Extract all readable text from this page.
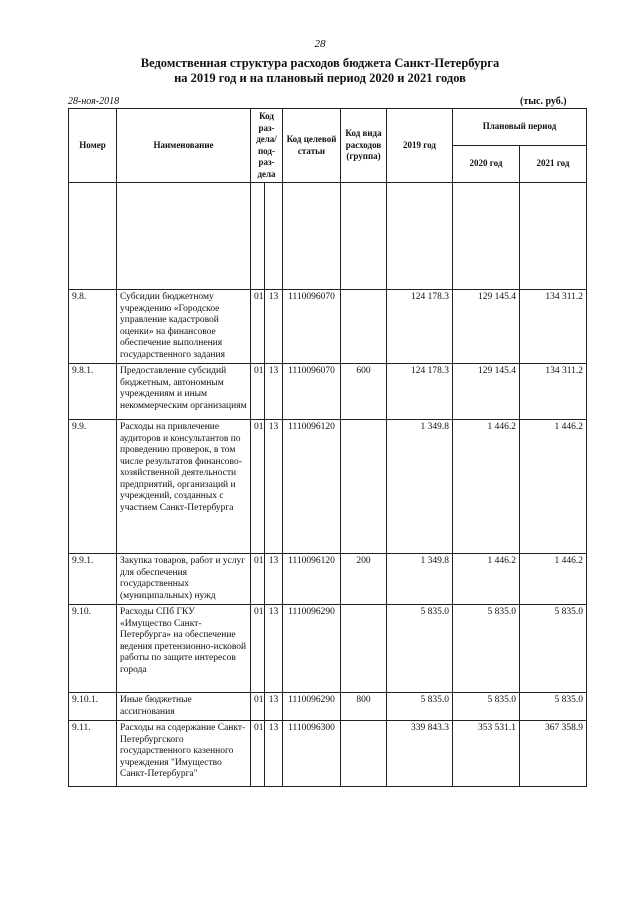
28
Ведомственная структура расходов бюджета Санкт-Петербурга
на 2019 год и на плановый период 2020 и 2021 годов
28-ноя-2018	(тыс. руб.)
Номер	Наименование	Код раз- дела/ под- раз- дела		Код целевой статьи	Код вида расходов (группа)	2019 год	Плановый период	
							2020 год	2021 год

9.8.	Субсидии бюджетному учреждению «Городское управление кадастровой оценки» на финансовое обеспечение выполнения государственного задания	01	13	1110096070		124 178.3	129 145.4	134 311.2
9.8.1.	Предоставление субсидий бюджетным, автономным учреждениям и иным некоммерческим организациям	01	13	1110096070	600	124 178.3	129 145.4	134 311.2
9.9.	Расходы на привлечение аудиторов и консультантов по проведению проверок, в том числе результатов финансово-хозяйственной деятельности предприятий, организаций и учреждений, созданных с участием Санкт-Петербурга	01	13	1110096120		1 349.8	1 446.2	1 446.2
9.9.1.	Закупка товаров, работ и услуг для обеспечения государственных (муниципальных) нужд	01	13	1110096120	200	1 349.8	1 446.2	1 446.2
9.10.	Расходы СПб ГКУ «Имущество Санкт-Петербурга» на обеспечение ведения претензионно-исковой работы по защите интересов города	01	13	1110096290		5 835.0	5 835.0	5 835.0
9.10.1.	Иные бюджетные ассигнования	01	13	1110096290	800	5 835.0	5 835.0	5 835.0
9.11.	Расходы на содержание Санкт-Петербургского государственного казенного учреждения "Имущество Санкт-Петербурга"	01	13	1110096300		339 843.3	353 531.1	367 358.9
